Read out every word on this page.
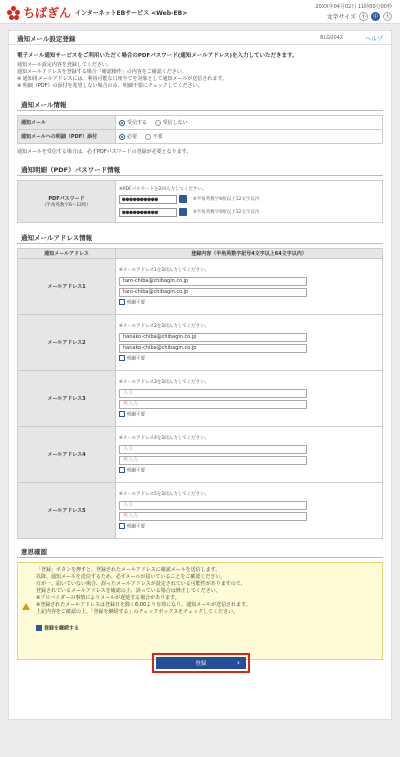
ちばぎん インターネットEBサービス <Web-EB>
20XX年04月02日 11時00分00秒
文字サイズ 小	中	大
通知メール設定登録	BLG0042	ヘルプ
電子メール通知サービスをご利用いただく場合のPDFパスワード(通知メールアドレス)を入力していただきます。

通知メール設定内容を登録してください。

通知メールアドレスを登録する場合「確認操作」の内容をご確認ください。

※ 通知用メールアドレスには、利用可能な口座全てを対象として通知メールが送信されます。

※ 明細（PDF）の添付を希望しない場合のみ、明細不要にチェックしてください。

通知メール情報
通知メール	受信する 受信しない
通知メールへの明細（PDF）添付	必要 不要
通知メールを受信する場合は、必ずPDFパスワードの登録が必要となります。
通知明細（PDF）パスワード情報
PDFパスワード
（半角英数字6～12桁）

※PDFパスワードを2回入力してください。
●●●●●●●●●●	※半角英数字6桁以上12文字以内
●●●●●●●●●●	※半角英数字6桁以上12文字以内
通知メールアドレス情報
通知メールアドレス	登録内容（半角英数字記号4文字以上64文字以内）
メールアドレス1	※メールアドレス1を2回入力してください。
taro-chiba@chibagin.co.jp
taro-chiba@chibagin.co.jp
明細不要

メールアドレス2	※メールアドレス2を2回入力してください。
hanako-chiba@chibagin.co.jp
hanako-chiba@chibagin.co.jp
明細不要

メールアドレス3	※メールアドレス3を2回入力してください。
入力
再入力
明細不要

メールアドレス4	※メールアドレス4を2回入力してください。
入力
再入力
明細不要

メールアドレス5	※メールアドレス5を2回入力してください。
入力
再入力
明細不要
意思確認
「登録」ボタンを押すと、登録されたメールアドレスに確認メールを送信します。
以降、通知メールを送信するため、必ずメールが届いていることをご確認ください。
万が一、届いていない場合、誤ったメールアドレスが設定されている可能性がありますので、
登録されているメールアドレスを確認の上、誤っている場合は修正してください。
※プロバイダーの事情によりメールが遅延する場合があります。
※登録されたメールアドレスは登録日を除く6:00より有効になり、通知メールが送信されます。
上記内容をご確認の上、「登録を継続する」のチェックボックスをチェックしてください。
登録を継続する
登録	›
